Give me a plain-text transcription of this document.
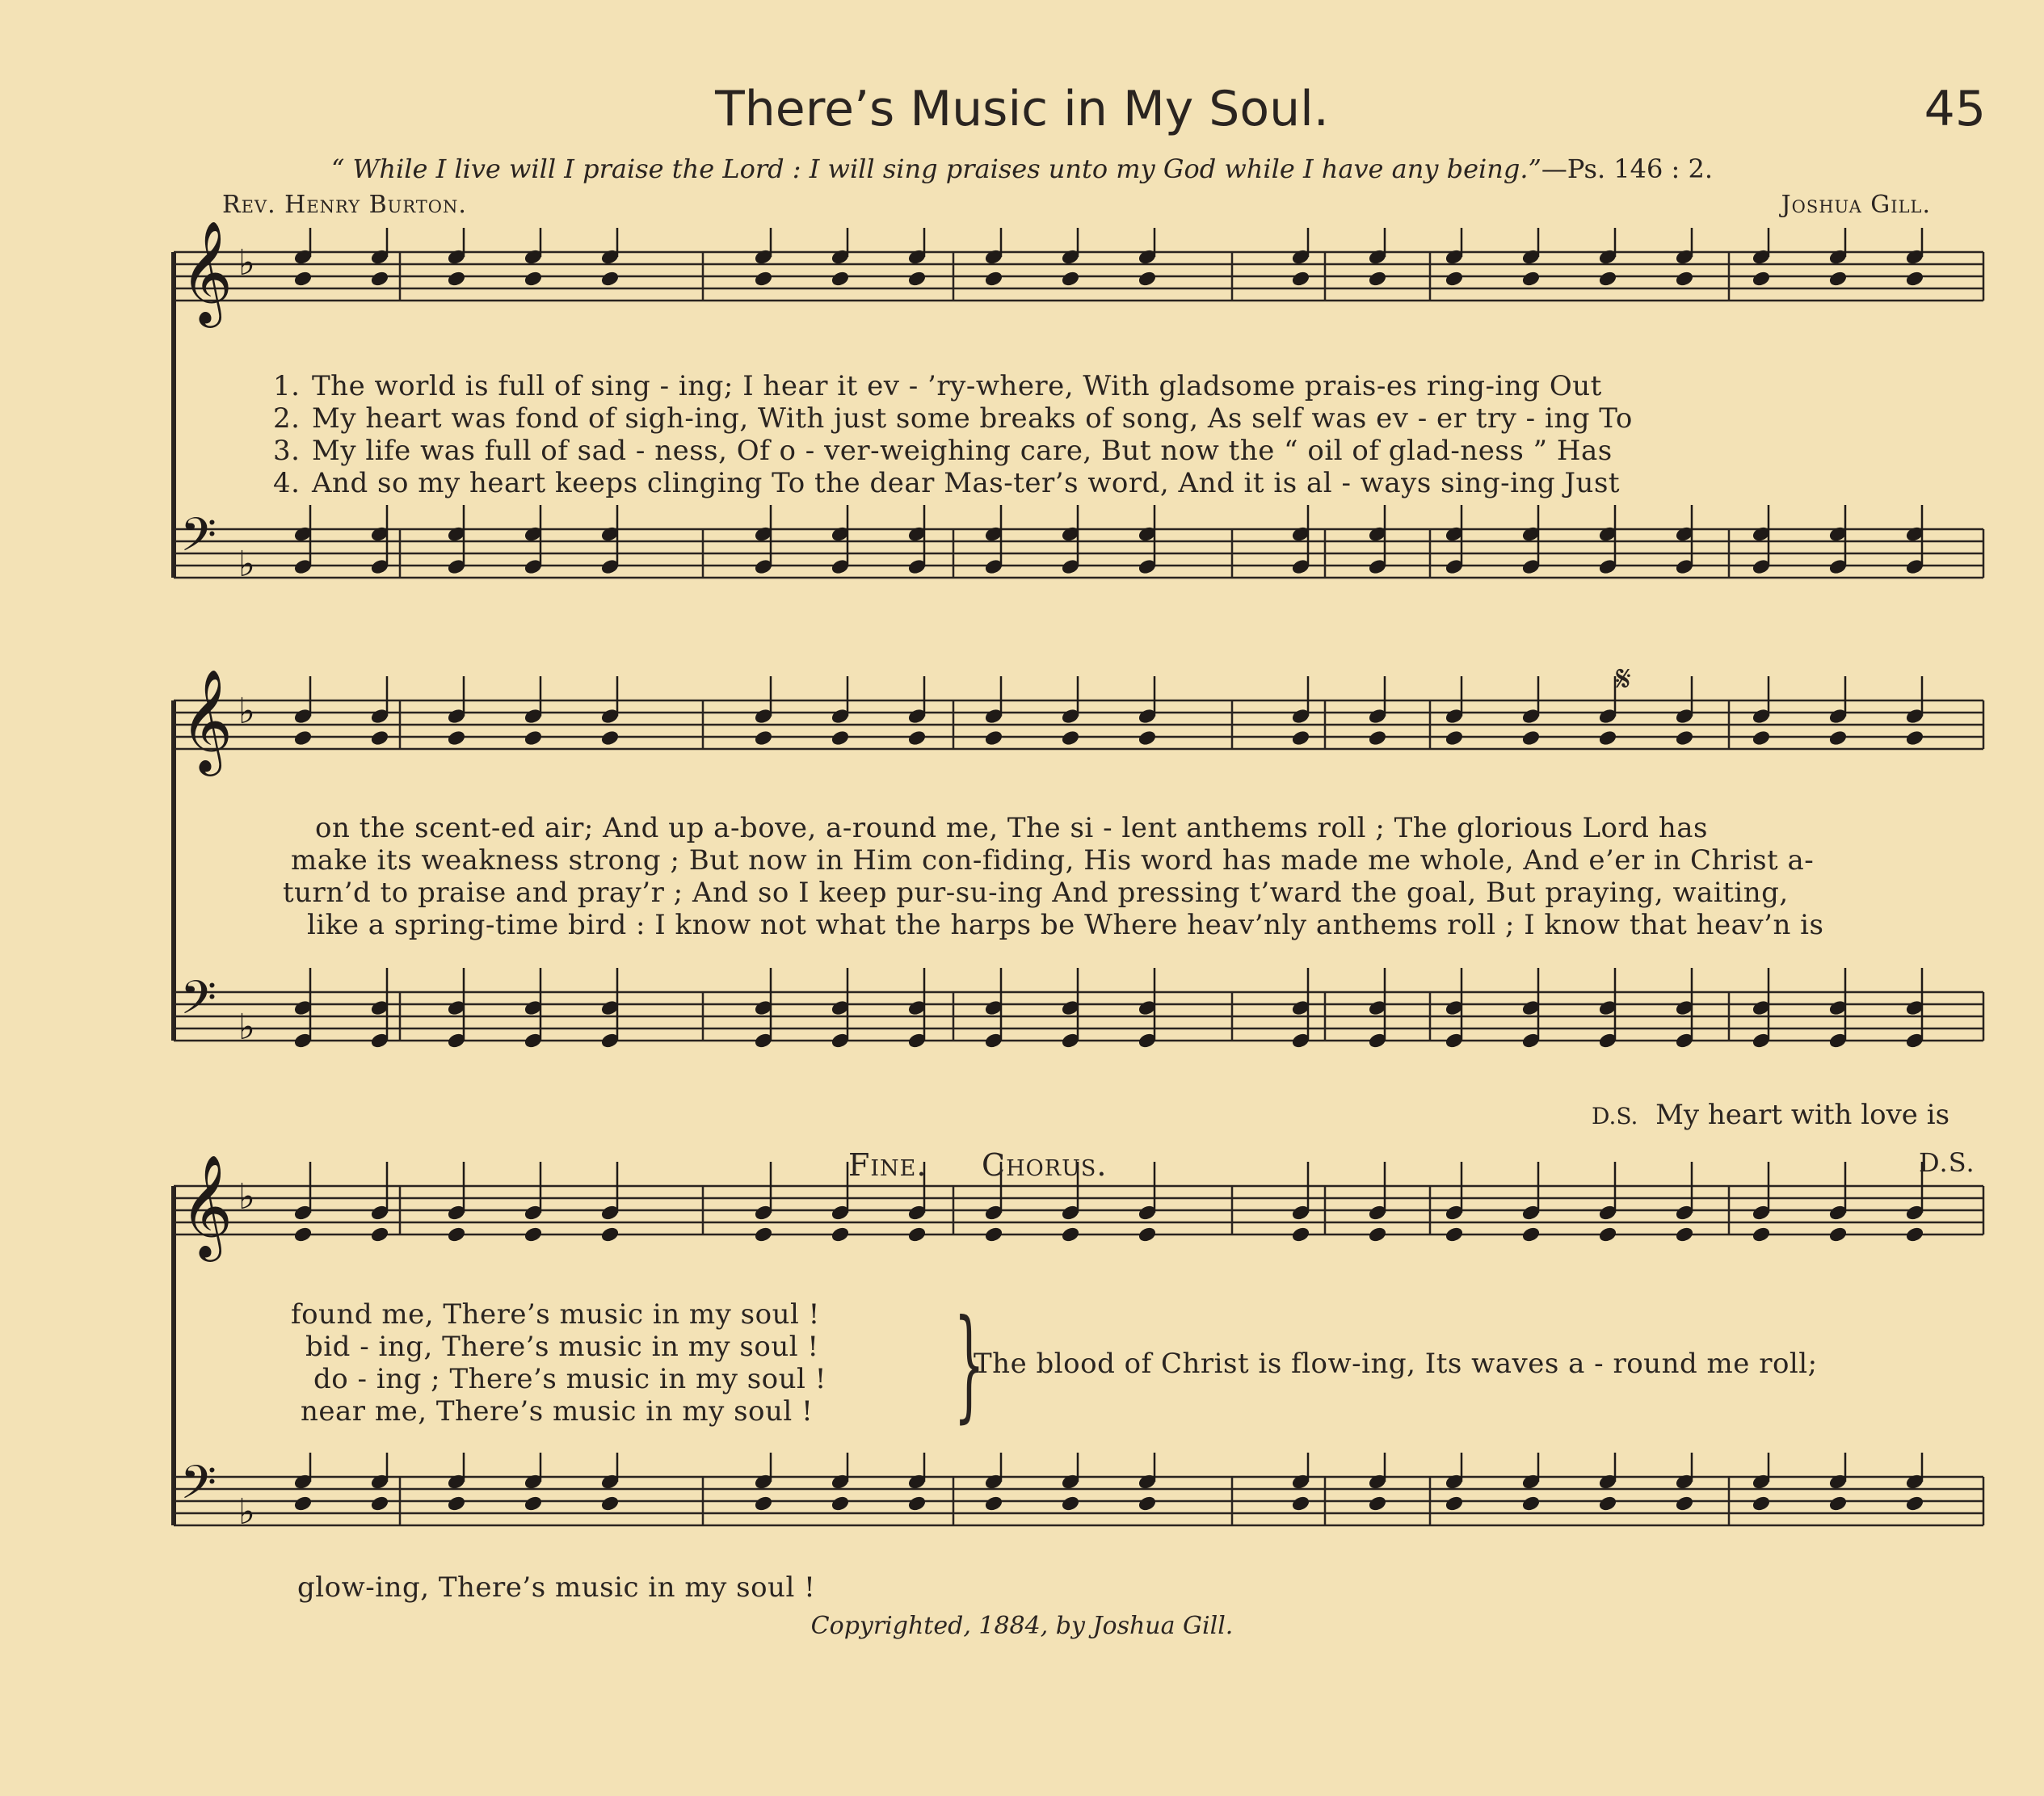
There’s Music in My Soul.	45
“ While I live will I praise the Lord : I will sing praises unto my God while I have any being.”—Ps. 146 : 2.
Rev. Henry Burton.	Joshua Gill.
𝄞 ♭
𝄢 ♭
𝄞 ♭
𝄢 ♭
𝄞 ♭
𝄢 ♭
1. The world is full of sing - ing; I hear it ev - ’ry-where, With gladsome prais-es ring-ing Out
2. My heart was fond of sigh-ing, With just some breaks of song, As self was ev - er try - ing To
3. My life was full of sad - ness, Of o - ver-weighing care, But now the “ oil of glad-ness ” Has
4. And so my heart keeps clinging To the dear Mas-ter’s word, And it is al - ways sing-ing Just
𝄋
on the scent-ed air; And up a-bove, a-round me, The si - lent anthems roll ; The glorious Lord has
make its weakness strong ; But now in Him con-fiding, His word has made me whole, And e’er in Christ a-
turn’d to praise and pray’r ; And so I keep pur-su-ing And pressing t’ward the goal, But praying, waiting,
like a spring-time bird : I know not what the harps be Where heav’nly anthems roll ; I know that heav’n is
D.S. My heart with love is
Fine. Chorus.	D.S.
found me, There’s music in my soul !
bid - ing, There’s music in my soul !
do - ing ; There’s music in my soul !
near me, There’s music in my soul ! }
The blood of Christ is flow-ing, Its waves a - round me roll;
glow-ing, There’s music in my soul !
Copyrighted, 1884, by Joshua Gill.
